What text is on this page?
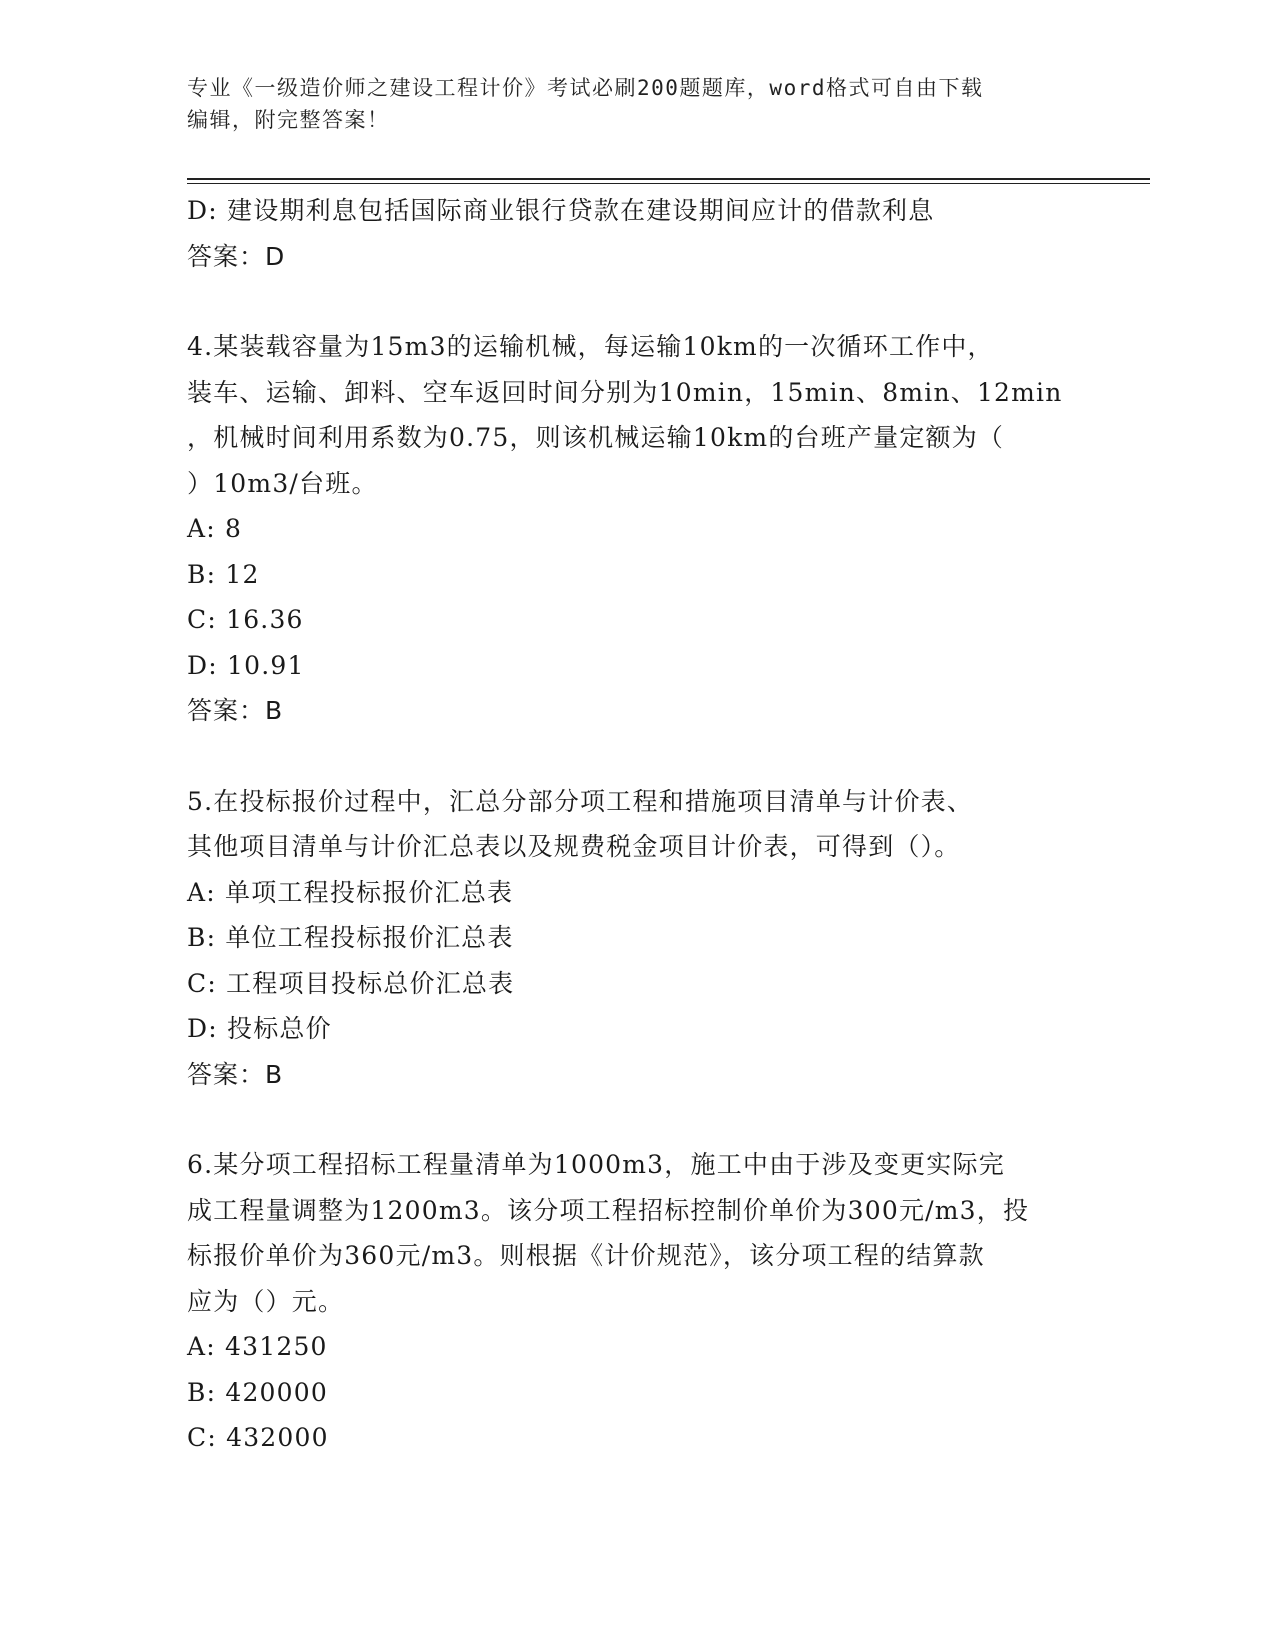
专业《一级造价师之建设工程计价》考试必刷200题题库，word格式可自由下载
编辑，附完整答案！
D: 建设期利息包括国际商业银行贷款在建设期间应计的借款利息
答案：D
4.某装载容量为15m3的运输机械，每运输10km的一次循环工作中，
装车、运输、卸料、空车返回时间分别为10min，15min、8min、12min
，机械时间利用系数为0.75，则该机械运输10km的台班产量定额为（
）10m3/台班。
A: 8
B: 12
C: 16.36
D: 10.91
答案：B
5.在投标报价过程中，汇总分部分项工程和措施项目清单与计价表、
其他项目清单与计价汇总表以及规费税金项目计价表，可得到（）。
A: 单项工程投标报价汇总表
B: 单位工程投标报价汇总表
C: 工程项目投标总价汇总表
D: 投标总价
答案：B
6.某分项工程招标工程量清单为1000m3，施工中由于涉及变更实际完
成工程量调整为1200m3。该分项工程招标控制价单价为300元/m3，投
标报价单价为360元/m3。则根据《计价规范》，该分项工程的结算款
应为（）元。
A: 431250
B: 420000
C: 432000
